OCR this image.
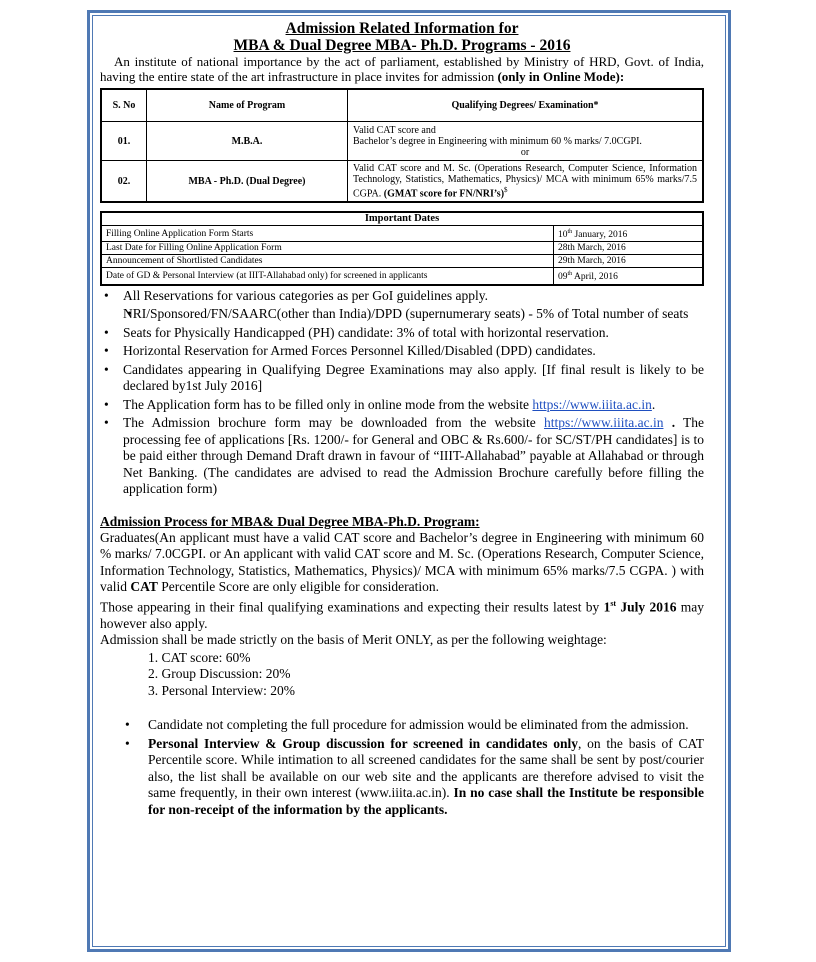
Admission Related Information for
MBA & Dual Degree MBA- Ph.D. Programs - 2016
An institute of national importance by the act of parliament, established by Ministry of HRD, Govt. of India, having the entire state of the art infrastructure in place invites for admission (only in Online Mode):
S. No	Name of Program	Qualifying Degrees/ Examination*
01.	M.B.A.	Valid CAT score and
Bachelor’s degree in Engineering with minimum 60 % marks/ 7.0CGPI.
or

02.	MBA - Ph.D. (Dual Degree)	Valid CAT score and M. Sc. (Operations Research, Computer Science, Information Technology, Statistics, Mathematics, Physics)/ MCA with minimum 65% marks/7.5 CGPA. (GMAT score for FN/NRI’s)$
Important Dates	
Filling Online Application Form Starts	10th January, 2016
Last Date for Filling Online Application Form	28th March, 2016
Announcement of Shortlisted Candidates	29th March, 2016
Date of GD & Personal Interview (at IIIT-Allahabad only) for screened in applicants	09th April, 2016
• All Reservations for various categories as per GoI guidelines apply.
• NRI/Sponsored/FN/SAARC(other than India)/DPD (supernumerary seats) - 5% of Total number of seats
• Seats for Physically Handicapped (PH) candidate: 3% of total with horizontal reservation.
• Horizontal Reservation for Armed Forces Personnel Killed/Disabled (DPD) candidates.
• Candidates appearing in Qualifying Degree Examinations may also apply. [If final result is likely to be declared by1st July 2016]
• The Application form has to be filled only in online mode from the website https://www.iiita.ac.in.
• The Admission brochure form may be downloaded from the website https://www.iiita.ac.in . The processing fee of applications [Rs. 1200/- for General and OBC & Rs.600/- for SC/ST/PH candidates] is to be paid either through Demand Draft drawn in favour of “IIIT-Allahabad” payable at Allahabad or through Net Banking. (The candidates are advised to read the Admission Brochure carefully before filling the application form)
Admission Process for MBA& Dual Degree MBA-Ph.D. Program:
Graduates(An applicant must have a valid CAT score and Bachelor’s degree in Engineering with minimum 60 % marks/ 7.0CGPI. or An applicant with valid CAT score and M. Sc. (Operations Research, Computer Science, Information Technology, Statistics, Mathematics, Physics)/ MCA with minimum 65% marks/7.5 CGPA. ) with valid CAT Percentile Score are only eligible for consideration.
Those appearing in their final qualifying examinations and expecting their results latest by 1st July 2016 may however also apply.
Admission shall be made strictly on the basis of Merit ONLY, as per the following weightage:
1. CAT score: 60%
2. Group Discussion: 20%
3. Personal Interview: 20%
• Candidate not completing the full procedure for admission would be eliminated from the admission.
• Personal Interview & Group discussion for screened in candidates only, on the basis of CAT Percentile score. While intimation to all screened candidates for the same shall be sent by post/courier also, the list shall be available on our web site and the applicants are therefore advised to visit the same frequently, in their own interest (www.iiita.ac.in). In no case shall the Institute be responsible for non-receipt of the information by the applicants.
